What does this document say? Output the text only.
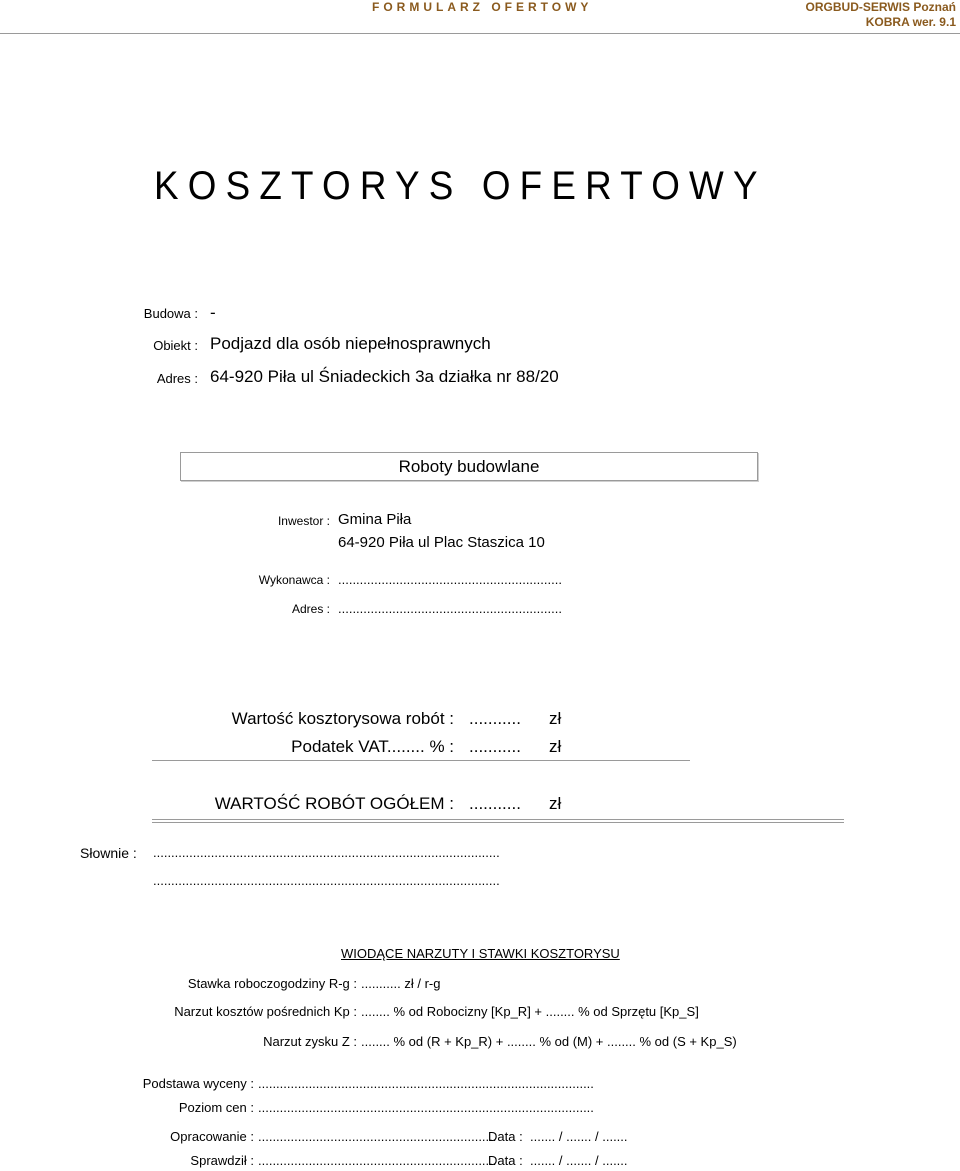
FORMULARZ OFERTOWY	ORGBUD-SERWIS Poznań
KOBRA wer. 9.1
KOSZTORYS OFERTOWY
Budowa : -
Obiekt : Podjazd dla osób niepełnosprawnych
Adres : 64-920 Piła ul Śniadeckich 3a działka nr 88/20
Roboty budowlane
Inwestor : Gmina Piła
64-920 Piła ul Plac Staszica 10
Wykonawca : ..............................................................
Adres : ..............................................................
Wartość kosztorysowa robót : ........... zł
Podatek VAT........ % : ........... zł
WARTOŚĆ ROBÓT OGÓŁEM : ........... zł
Słownie : ................................................................................................
................................................................................................
WIODĄCE NARZUTY I STAWKI KOSZTORYSU
Stawka roboczogodziny R-g : ........... zł / r-g
Narzut kosztów pośrednich Kp : ........ % od Robocizny [Kp_R] + ........ % od Sprzętu [Kp_S]
Narzut zysku Z : ........ % od (R + Kp_R) + ........ % od (M) + ........ % od (S + Kp_S)
Podstawa wyceny : .............................................................................................
Poziom cen : .............................................................................................
Opracowanie : ..................................................................
Data : ....... / ....... / .......
Sprawdził : ..................................................................
Data : ....... / ....... / .......
